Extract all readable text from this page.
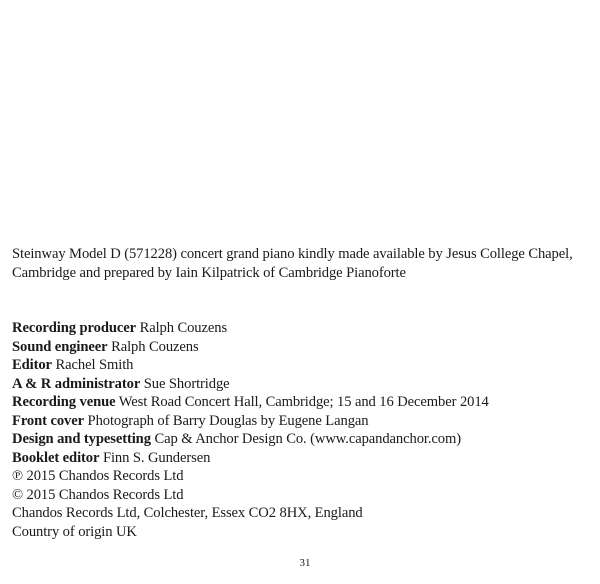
Steinway Model D (571228) concert grand piano kindly made available by Jesus College Chapel,
Cambridge and prepared by Iain Kilpatrick of Cambridge Pianoforte

Recording producer Ralph Couzens
Sound engineer Ralph Couzens
Editor Rachel Smith
A & R administrator Sue Shortridge
Recording venue West Road Concert Hall, Cambridge; 15 and 16 December 2014
Front cover Photograph of Barry Douglas by Eugene Langan
Design and typesetting Cap & Anchor Design Co. (www.capandanchor.com)
Booklet editor Finn S. Gundersen
℗ 2015 Chandos Records Ltd
© 2015 Chandos Records Ltd
Chandos Records Ltd, Colchester, Essex CO2 8HX, England
Country of origin UK
31
